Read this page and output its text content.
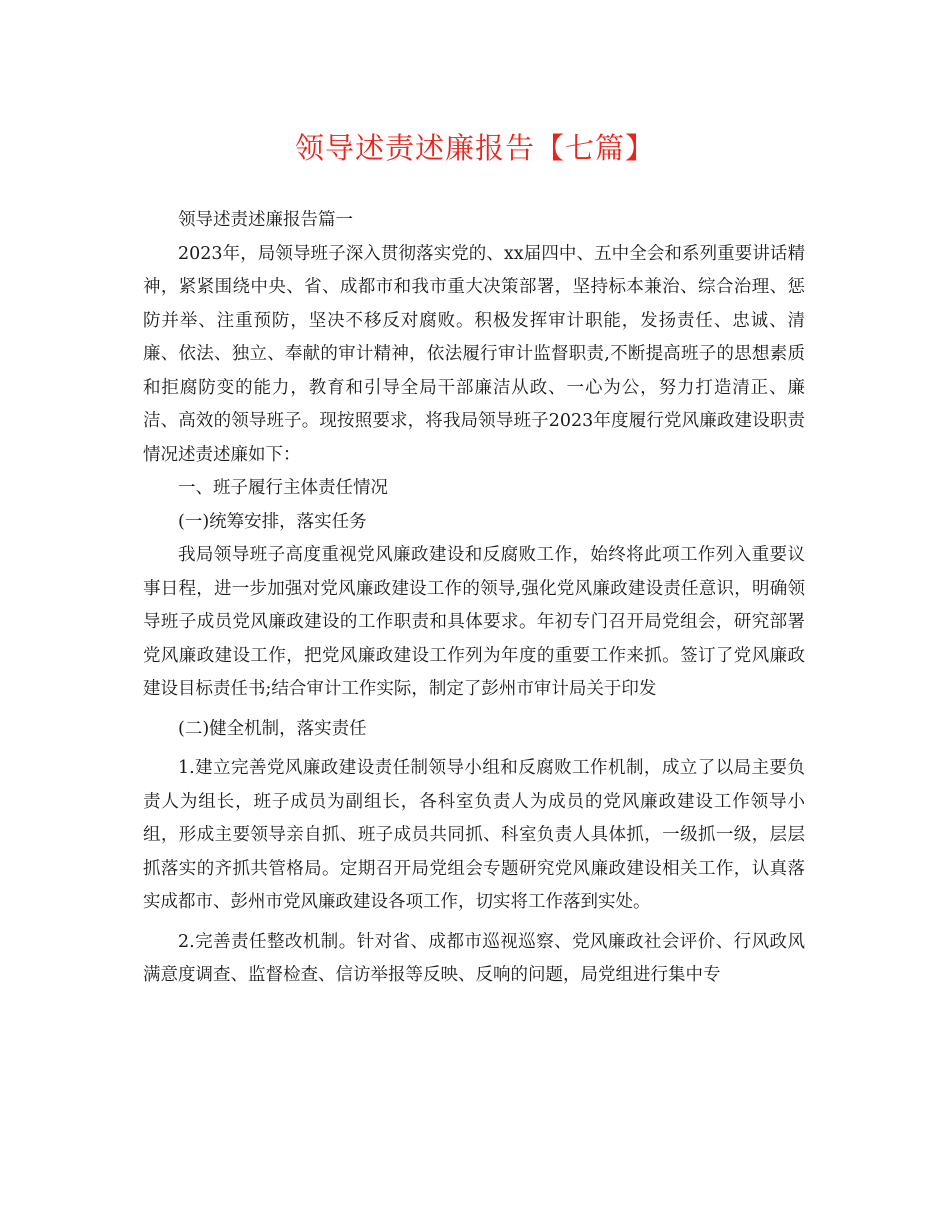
领导述责述廉报告【七篇】

领导述责述廉报告篇一

2023年，局领导班子深入贯彻落实党的、xx届四中、五中全会和系列重要讲话精神，紧紧围绕中央、省、成都市和我市重大决策部署，坚持标本兼治、综合治理、惩防并举、注重预防，坚决不移反对腐败。积极发挥审计职能，发扬责任、忠诚、清廉、依法、独立、奉献的审计精神，依法履行审计监督职责,不断提高班子的思想素质和拒腐防变的能力，教育和引导全局干部廉洁从政、一心为公，努力打造清正、廉洁、高效的领导班子。现按照要求，将我局领导班子2023年度履行党风廉政建设职责情况述责述廉如下：

一、班子履行主体责任情况

(一)统筹安排，落实任务

我局领导班子高度重视党风廉政建设和反腐败工作，始终将此项工作列入重要议事日程，进一步加强对党风廉政建设工作的领导,强化党风廉政建设责任意识，明确领导班子成员党风廉政建设的工作职责和具体要求。年初专门召开局党组会，研究部署党风廉政建设工作，把党风廉政建设工作列为年度的重要工作来抓。签订了党风廉政建设目标责任书;结合审计工作实际，制定了彭州市审计局关于印发

(二)健全机制，落实责任

1.建立完善党风廉政建设责任制领导小组和反腐败工作机制，成立了以局主要负责人为组长，班子成员为副组长，各科室负责人为成员的党风廉政建设工作领导小组，形成主要领导亲自抓、班子成员共同抓、科室负责人具体抓，一级抓一级，层层抓落实的齐抓共管格局。定期召开局党组会专题研究党风廉政建设相关工作，认真落实成都市、彭州市党风廉政建设各项工作，切实将工作落到实处。

2.完善责任整改机制。针对省、成都市巡视巡察、党风廉政社会评价、行风政风满意度调查、监督检查、信访举报等反映、反响的问题，局党组进行集中专
